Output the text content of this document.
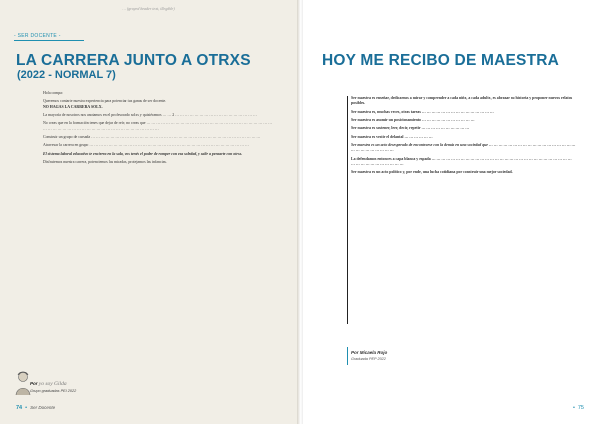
… (grayed header text, illegible)
- SER DOCENTE -
LA CARRERA JUNTO A OTRXS
(2022 - NORMAL 7)

Hola compa:

Queremos contarte nuestra experiencia para potenciar tus ganas de ser docente.
NO HAGAS LA CARRERA SOLX.

La mayoría de nosotros nos anotamos en el profesorado solxs y quisiéramos … … 2 … … … … … … … … … … … … … … … … …

No creas que en la formación tenes que dejar de reír; no creas que … … … … … … … … … … … … … … … … … … … … … … … … … … … … … … … … … … … … … … … … … … … … … … … … … …

Construir un grupo de cursada … … … … … … … … … … … … … … … … … … … … … … … … … … … … … … … … … … …

Atravesar la carrera en grupo … … … … … … … … … … … … … … … … … … … … … … … … … … … … … … … … …

El sistema laboral educativo te encierra en la sala, vos tenés el poder de romper con esa soledad, y salir a pensarte con otrxs.

Disfrutemos nuestra carrera, potenciemos las miradas, protejamos las infancias.

Por yo soy Gilda
Grupo graduadas PEI 2022
74 • Ser Docente
HOY ME RECIBO DE MAESTRA

Ser maestra es enseñar, dedicarnos a mirar y comprender a cada niñx, a cada adultx, es abrazar su historia y proponer nuevos relatos posibles.

Ser maestra es, muchas veces, otras tareas … … … … … … … … … … … … … … …

Ser maestra es asumir un posicionamiento … … … … … … … … … … …

Ser maestra es sostener, leer, decir, repetir … … … … … … … … … …

Ser maestra es vestir el delantal … … … … … …

Ser maestra es un acto desesperado de encontrarse con la demás en una sociedad que … … … … … … … … … … … … … … … … … … … … … … … … … … …

La defendamos entonces a capa blanca y espada … … … … … … … … … … … … … … … … … … … … … … … … … … … … … … … … … … … … … … … …

Ser maestra es un acto político y, por ende, una lucha cotidiana por construir una mejor sociedad.

Por Micaela Rojo
Graduada PEP 2022
• 75
